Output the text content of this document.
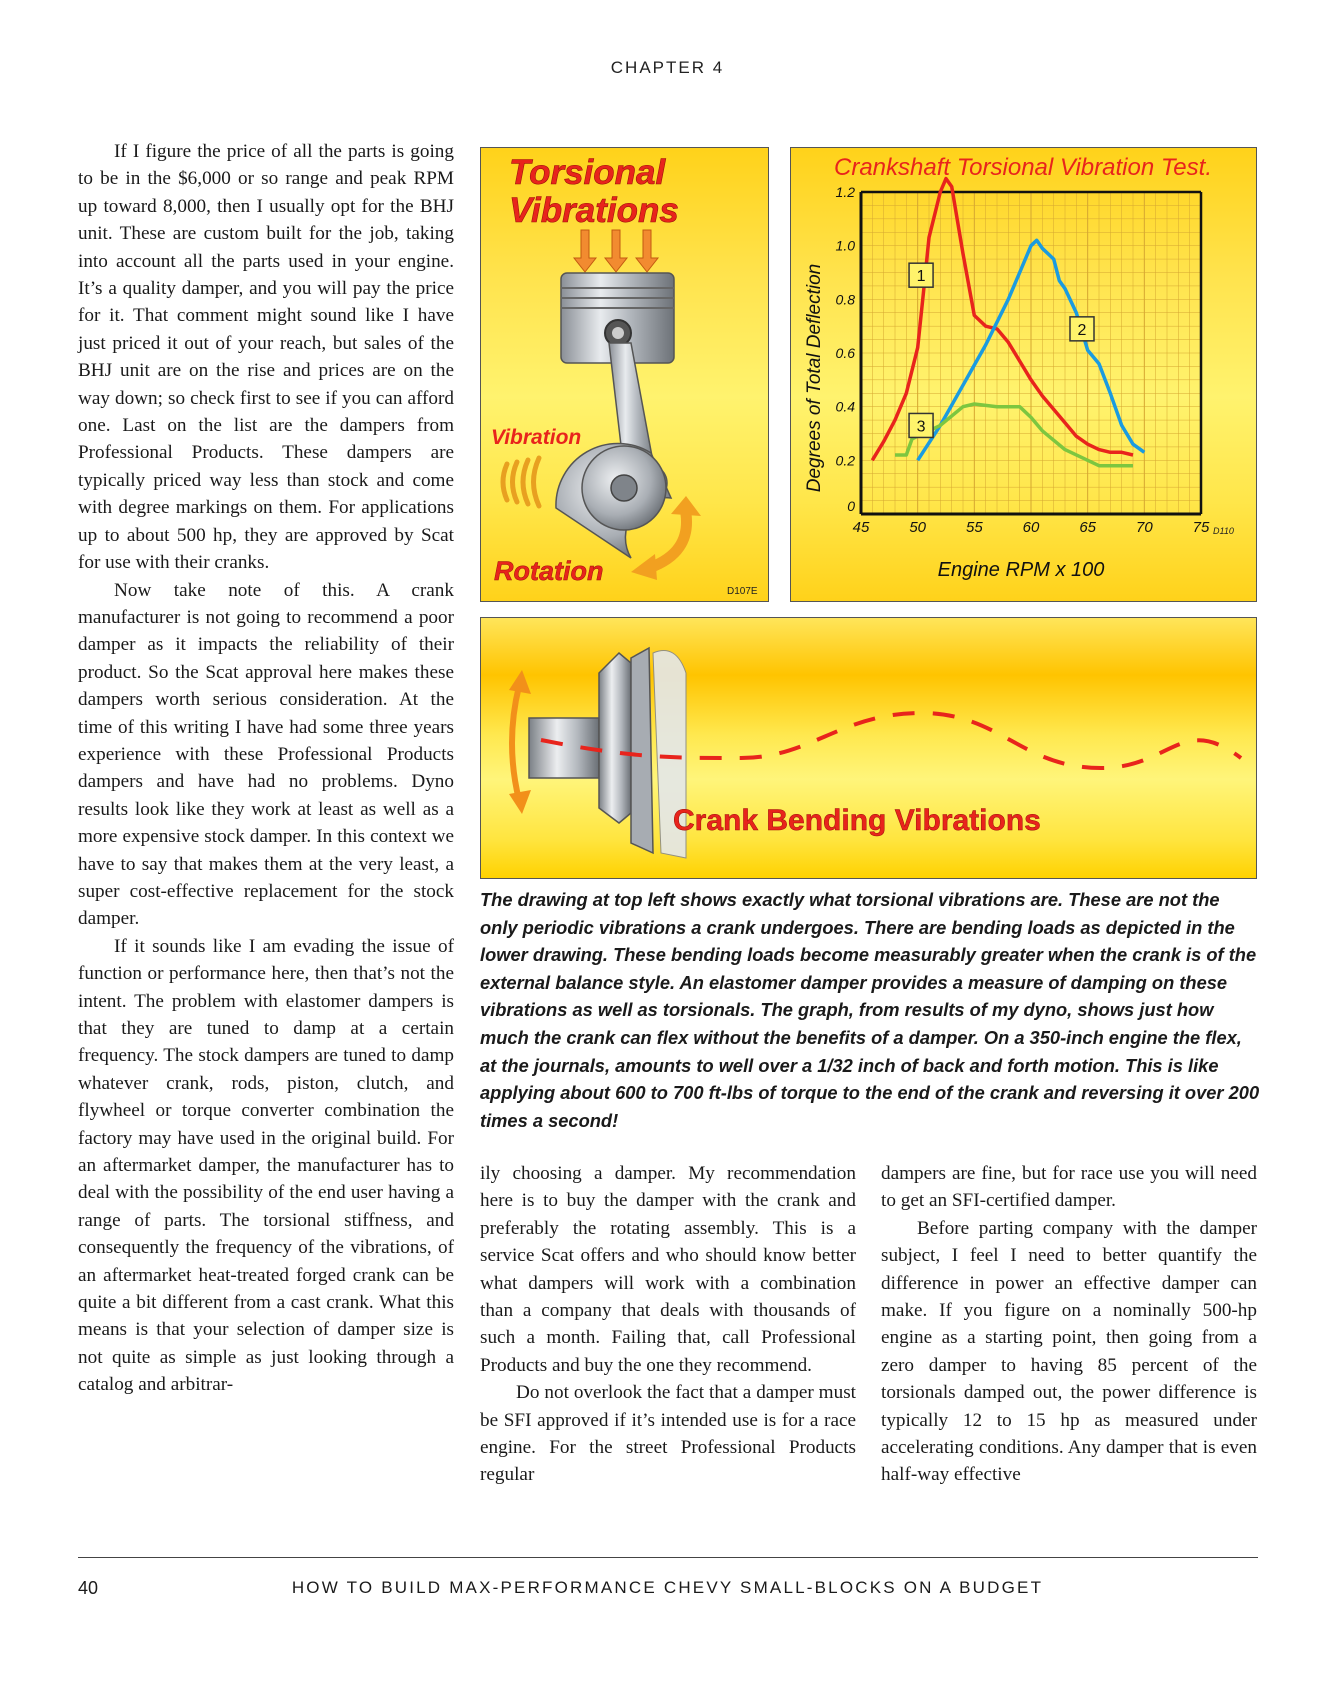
CHAPTER 4

If I figure the price of all the parts is going to be in the $6,000 or so range and peak RPM up toward 8,000, then I usually opt for the BHJ unit. These are custom built for the job, taking into account all the parts used in your engine. It’s a quality damper, and you will pay the price for it. That comment might sound like I have just priced it out of your reach, but sales of the BHJ unit are on the rise and prices are on the way down; so check first to see if you can afford one. Last on the list are the dampers from Professional Products. These dampers are typically priced way less than stock and come with degree markings on them. For applications up to about 500 hp, they are approved by Scat for use with their cranks.

Now take note of this. A crank manufacturer is not going to recommend a poor damper as it impacts the reliability of their product. So the Scat approval here makes these dampers worth serious consideration. At the time of this writing I have had some three years experience with these Professional Products dampers and have had no problems. Dyno results look like they work at least as well as a more expensive stock damper. In this context we have to say that makes them at the very least, a super cost-effective replacement for the stock damper.

If it sounds like I am evading the issue of function or performance here, then that’s not the intent. The problem with elastomer dampers is that they are tuned to damp at a certain frequency. The stock dampers are tuned to damp whatever crank, rods, piston, clutch, and flywheel or torque converter combination the factory may have used in the original build. For an aftermarket damper, the manufacturer has to deal with the possibility of the end user having a range of parts. The torsional stiffness, and consequently the frequency of the vibrations, of an aftermarket heat-treated forged crank can be quite a bit different from a cast crank. What this means is that your selection of damper size is not quite as simple as just looking through a catalog and arbitrar-

Torsional
Vibrations
Vibration
Rotation
D107E
Crankshaft Torsional Vibration Test.
0
0.2
0.4
0.6
0.8
1.0
1.2
45	50	55	60	65	70	75
1
2
3
Engine RPM x 100
Degrees of Total Deflection
D110
Crank Bending Vibrations
The drawing at top left shows exactly what torsional vibrations are. These are not the only periodic vibrations a crank undergoes. There are bending loads as depicted in the lower drawing. These bending loads become measurably greater when the crank is of the external balance style. An elastomer damper provides a measure of damping on these vibrations as well as torsionals. The graph, from results of my dyno, shows just how much the crank can flex without the benefits of a damper. On a 350-inch engine the flex, at the journals, amounts to well over a 1/32 inch of back and forth motion. This is like applying about 600 to 700 ft-lbs of torque to the end of the crank and reversing it over 200 times a second!

ily choosing a damper. My recommendation here is to buy the damper with the crank and preferably the rotating assembly. This is a service Scat offers and who should know better what dampers will work with a combination than a company that deals with thousands of such a month. Failing that, call Professional Products and buy the one they recommend.

Do not overlook the fact that a damper must be SFI approved if it’s intended use is for a race engine. For the street Professional Products regular

dampers are fine, but for race use you will need to get an SFI-certified damper.

Before parting company with the damper subject, I feel I need to better quantify the difference in power an effective damper can make. If you figure on a nominally 500-hp engine as a starting point, then going from a zero damper to having 85 percent of the torsionals damped out, the power difference is typically 12 to 15 hp as measured under accelerating conditions. Any damper that is even half-way effective

40	HOW TO BUILD MAX-PERFORMANCE CHEVY SMALL-BLOCKS ON A BUDGET
